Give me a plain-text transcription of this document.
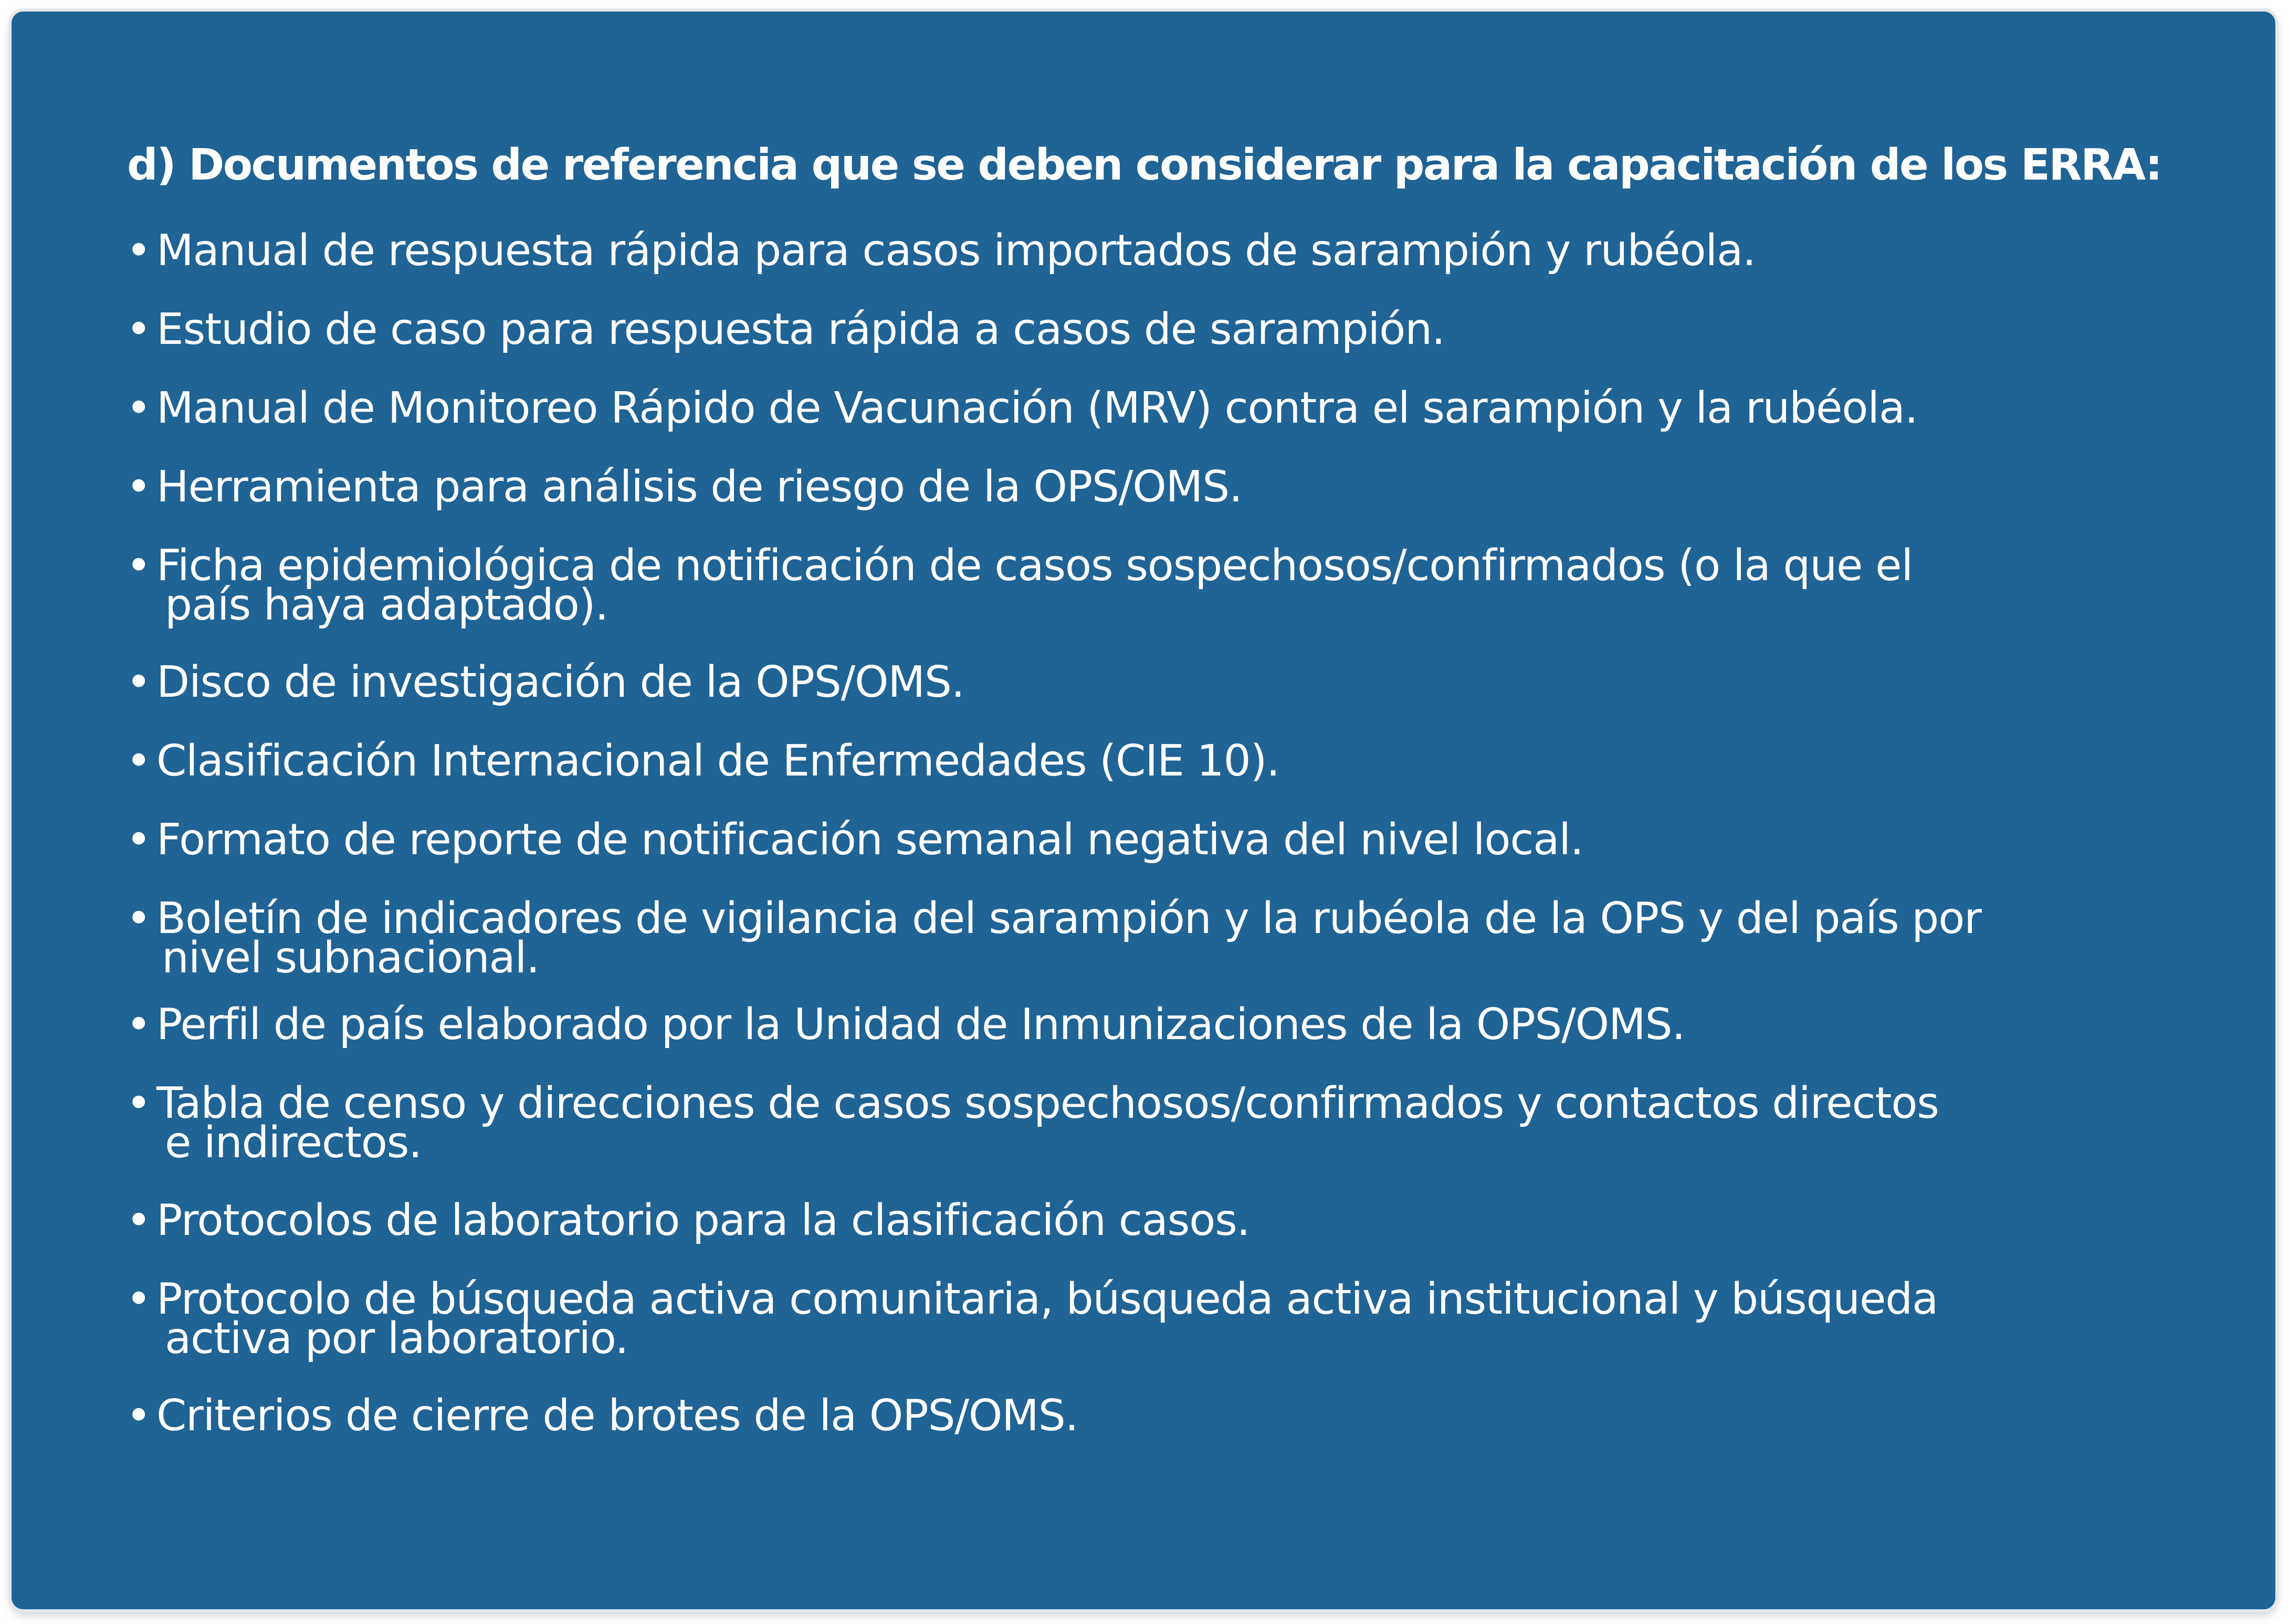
d) Documentos de referencia que se deben considerar para la capacitación de los ERRA:
• Manual de respuesta rápida para casos importados de sarampión y rubéola.
• Estudio de caso para respuesta rápida a casos de sarampión.
• Manual de Monitoreo Rápido de Vacunación (MRV) contra el sarampión y la rubéola.
• Herramienta para análisis de riesgo de la OPS/OMS.
• Ficha epidemiológica de notificación de casos sospechosos/confirmados (o la que el
país haya adaptado).
• Disco de investigación de la OPS/OMS.
• Clasificación Internacional de Enfermedades (CIE 10).
• Formato de reporte de notificación semanal negativa del nivel local.
• Boletín de indicadores de vigilancia del sarampión y la rubéola de la OPS y del país por
nivel subnacional.
• Perfil de país elaborado por la Unidad de Inmunizaciones de la OPS/OMS.
• Tabla de censo y direcciones de casos sospechosos/confirmados y contactos directos
e indirectos.
• Protocolos de laboratorio para la clasificación casos.
• Protocolo de búsqueda activa comunitaria, búsqueda activa institucional y búsqueda
activa por laboratorio.
• Criterios de cierre de brotes de la OPS/OMS.
